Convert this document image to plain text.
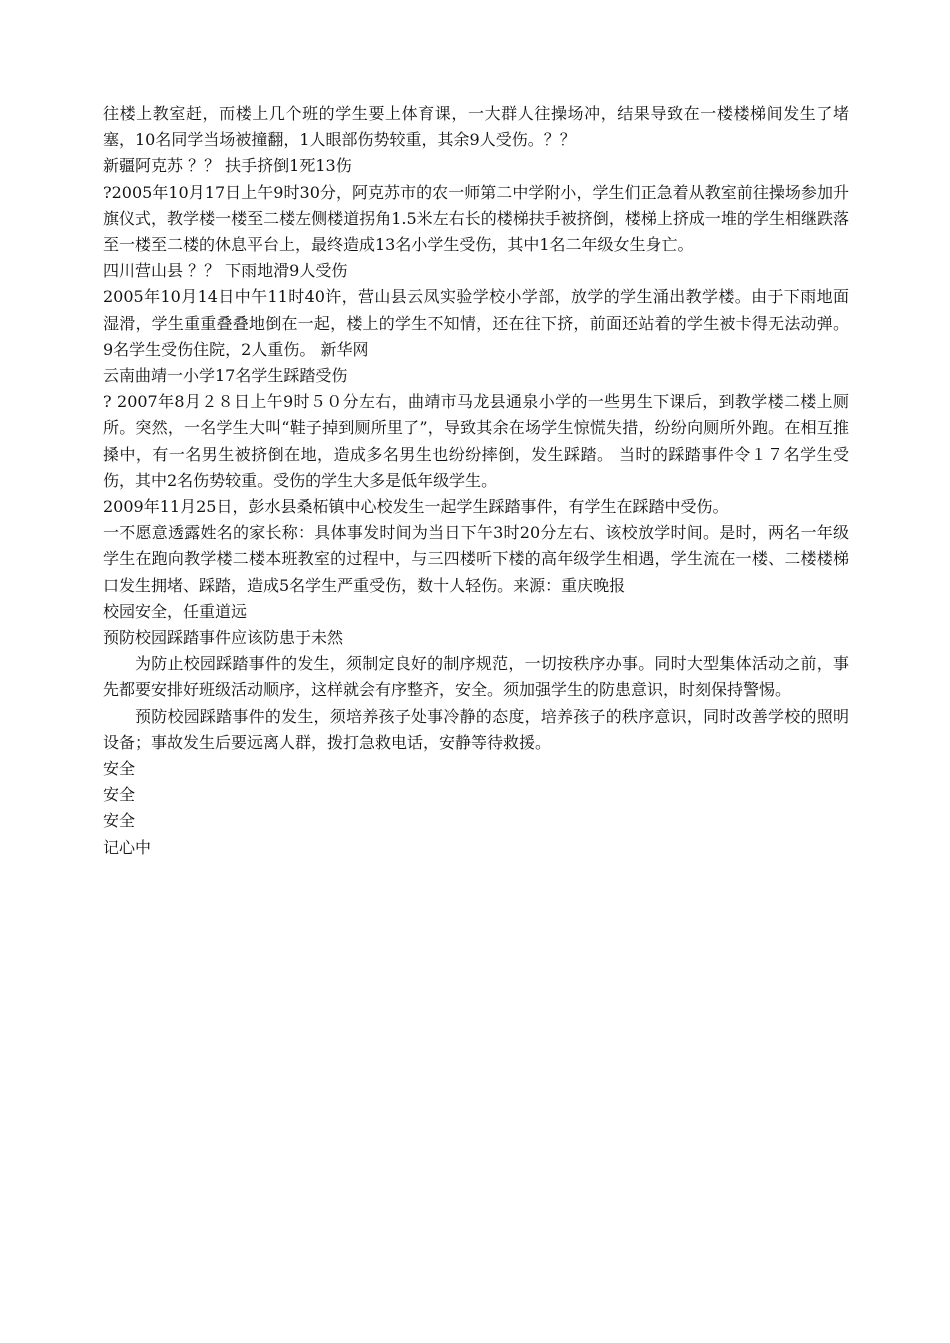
往楼上教室赶，而楼上几个班的学生要上体育课，一大群人往操场冲，结果导致在一楼楼梯间发生了堵塞，10名同学当场被撞翻，1人眼部伤势较重，其余9人受伤。？？

新疆阿克苏 ？？ 扶手挤倒1死13伤

?2005年10月17日上午9时30分，阿克苏市的农一师第二中学附小，学生们正急着从教室前往操场参加升旗仪式，教学楼一楼至二楼左侧楼道拐角1.5米左右长的楼梯扶手被挤倒，楼梯上挤成一堆的学生相继跌落至一楼至二楼的休息平台上，最终造成13名小学生受伤，其中1名二年级女生身亡。

四川营山县 ？？ 下雨地滑9人受伤

2005年10月14日中午11时40许，营山县云凤实验学校小学部，放学的学生涌出教学楼。由于下雨地面湿滑，学生重重叠叠地倒在一起，楼上的学生不知情，还在往下挤，前面还站着的学生被卡得无法动弹。9名学生受伤住院，2人重伤。 新华网

云南曲靖一小学17名学生踩踏受伤

? 2007年8月２８日上午9时５０分左右，曲靖市马龙县通泉小学的一些男生下课后，到教学楼二楼上厕所。突然，一名学生大叫“鞋子掉到厕所里了”，导致其余在场学生惊慌失措，纷纷向厕所外跑。在相互推搡中，有一名男生被挤倒在地，造成多名男生也纷纷摔倒，发生踩踏。 当时的踩踏事件令１７名学生受伤，其中2名伤势较重。受伤的学生大多是低年级学生。

2009年11月25日，彭水县桑柘镇中心校发生一起学生踩踏事件，有学生在踩踏中受伤。

一不愿意透露姓名的家长称：具体事发时间为当日下午3时20分左右、该校放学时间。是时，两名一年级学生在跑向教学楼二楼本班教室的过程中，与三四楼听下楼的高年级学生相遇，学生流在一楼、二楼楼梯口发生拥堵、踩踏，造成5名学生严重受伤，数十人轻伤。来源：重庆晚报

校园安全，任重道远

预防校园踩踏事件应该防患于未然

为防止校园踩踏事件的发生，须制定良好的制序规范，一切按秩序办事。同时大型集体活动之前，事先都要安排好班级活动顺序，这样就会有序整齐，安全。须加强学生的防患意识，时刻保持警惕。

预防校园踩踏事件的发生，须培养孩子处事冷静的态度，培养孩子的秩序意识，同时改善学校的照明设备；事故发生后要远离人群，拨打急救电话，安静等待救援。

安全

安全

安全

记心中
